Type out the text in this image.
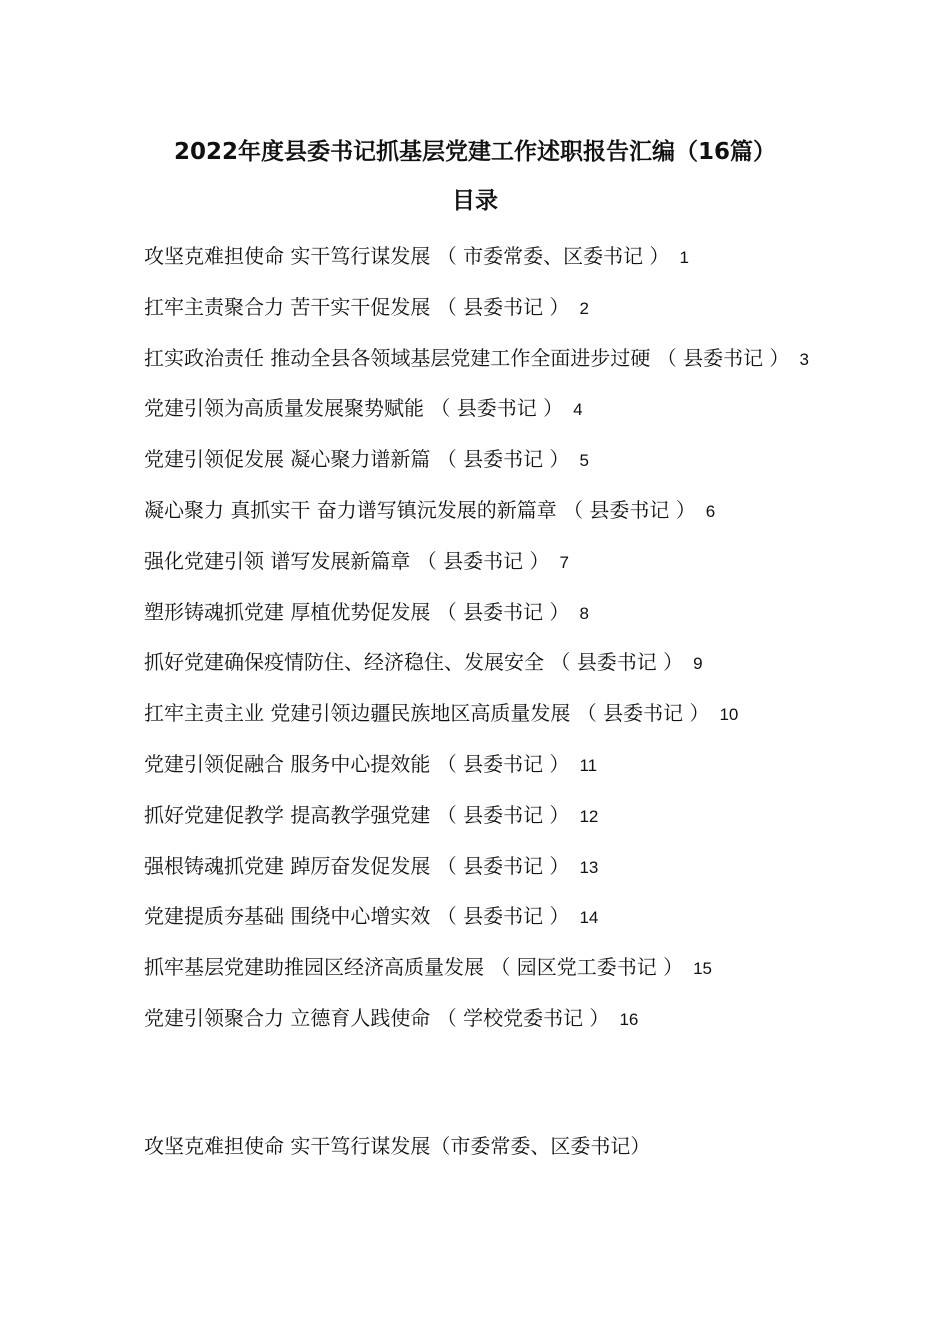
2022年度县委书记抓基层党建工作述职报告汇编（16篇）
目录
攻坚克难担使命 实干笃行谋发展 （ 市委常委、区委书记 ） 1
扛牢主责聚合力 苦干实干促发展 （ 县委书记 ） 2
扛实政治责任 推动全县各领域基层党建工作全面进步过硬 （ 县委书记 ） 3
党建引领为高质量发展聚势赋能 （ 县委书记 ） 4
党建引领促发展 凝心聚力谱新篇 （ 县委书记 ） 5
凝心聚力 真抓实干 奋力谱写镇沅发展的新篇章 （ 县委书记 ） 6
强化党建引领 谱写发展新篇章 （ 县委书记 ） 7
塑形铸魂抓党建 厚植优势促发展 （ 县委书记 ） 8
抓好党建确保疫情防住、经济稳住、发展安全 （ 县委书记 ） 9
扛牢主责主业 党建引领边疆民族地区高质量发展 （ 县委书记 ） 10
党建引领促融合 服务中心提效能 （ 县委书记 ） 11
抓好党建促教学 提高教学强党建 （ 县委书记 ） 12
强根铸魂抓党建 踔厉奋发促发展 （ 县委书记 ） 13
党建提质夯基础 围绕中心增实效 （ 县委书记 ） 14
抓牢基层党建助推园区经济高质量发展 （ 园区党工委书记 ） 15
党建引领聚合力 立德育人践使命 （ 学校党委书记 ） 16
攻坚克难担使命 实干笃行谋发展（市委常委、区委书记）
